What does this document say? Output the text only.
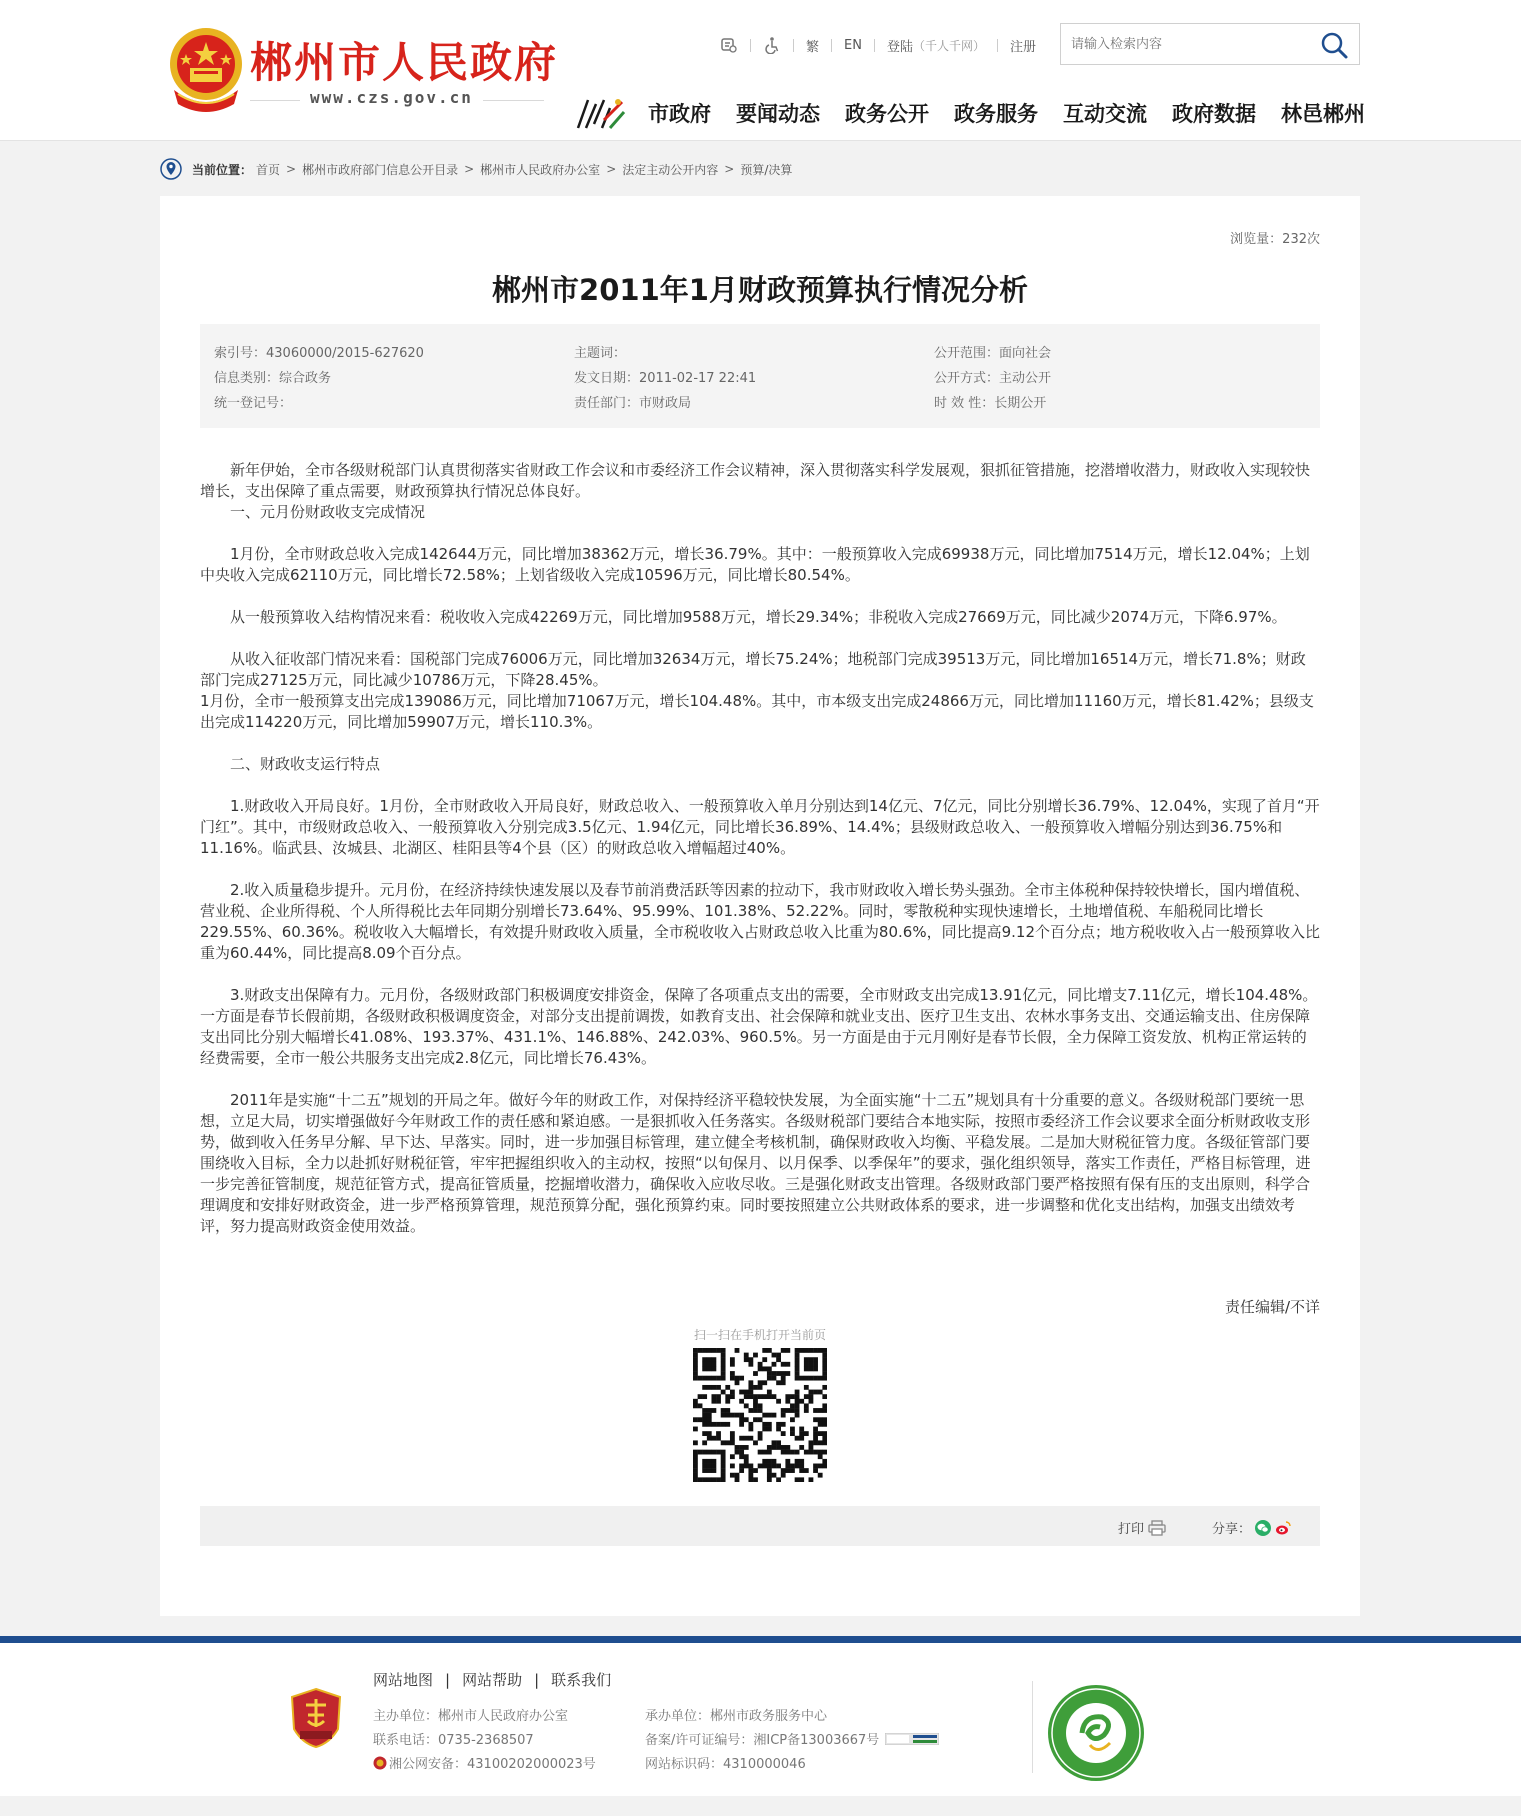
郴州市人民政府
www.czs.gov.cn
繁 EN 登陆 （千人千网） 注册
请输入检索内容
市政府 要闻动态 政务公开 政务服务 互动交流 政府数据 林邑郴州
当前位置： 首页 > 郴州市政府部门信息公开目录 > 郴州市人民政府办公室 > 法定主动公开内容 > 预算/决算
浏览量：232次
郴州市2011年1月财政预算执行情况分析
索引号：43060000/2015-627620	主题词：	公开范围：面向社会
信息类别：综合政务	发文日期：2011-02-17 22:41	公开方式：主动公开
统一登记号：	责任部门：市财政局	时 效 性：长期公开

　　新年伊始，全市各级财税部门认真贯彻落实省财政工作会议和市委经济工作会议精神，深入贯彻落实科学发展观，狠抓征管措施，挖潜增收潜力，财政收入实现较快增长，支出保障了重点需要，财政预算执行情况总体良好。

　　一、元月份财政收支完成情况

　　1月份，全市财政总收入完成142644万元，同比增加38362万元，增长36.79%。其中：一般预算收入完成69938万元，同比增加7514万元，增长12.04%；上划中央收入完成62110万元，同比增长72.58%；上划省级收入完成10596万元，同比增长80.54%。

　　从一般预算收入结构情况来看：税收收入完成42269万元，同比增加9588万元，增长29.34%；非税收入完成27669万元，同比减少2074万元，下降6.97%。

　　从收入征收部门情况来看：国税部门完成76006万元，同比增加32634万元，增长75.24%；地税部门完成39513万元，同比增加16514万元，增长71.8%；财政部门完成27125万元，同比减少10786万元，下降28.45%。

1月份，全市一般预算支出完成139086万元，同比增加71067万元，增长104.48%。其中，市本级支出完成24866万元，同比增加11160万元，增长81.42%；县级支出完成114220万元，同比增加59907万元，增长110.3%。

　　二、财政收支运行特点

　　1.财政收入开局良好。1月份，全市财政收入开局良好，财政总收入、一般预算收入单月分别达到14亿元、7亿元，同比分别增长36.79%、12.04%，实现了首月“开门红”。其中，市级财政总收入、一般预算收入分别完成3.5亿元、1.94亿元，同比增长36.89%、14.4%；县级财政总收入、一般预算收入增幅分别达到36.75%和11.16%。临武县、汝城县、北湖区、桂阳县等4个县（区）的财政总收入增幅超过40%。

　　2.收入质量稳步提升。元月份，在经济持续快速发展以及春节前消费活跃等因素的拉动下，我市财政收入增长势头强劲。全市主体税种保持较快增长，国内增值税、营业税、企业所得税、个人所得税比去年同期分别增长73.64%、95.99%、101.38%、52.22%。同时，零散税种实现快速增长，土地增值税、车船税同比增长229.55%、60.36%。税收收入大幅增长，有效提升财政收入质量，全市税收收入占财政总收入比重为80.6%，同比提高9.12个百分点；地方税收收入占一般预算收入比重为60.44%，同比提高8.09个百分点。

　　3.财政支出保障有力。元月份，各级财政部门积极调度安排资金，保障了各项重点支出的需要，全市财政支出完成13.91亿元，同比增支7.11亿元，增长104.48%。一方面是春节长假前期，各级财政积极调度资金，对部分支出提前调拨，如教育支出、社会保障和就业支出、医疗卫生支出、农林水事务支出、交通运输支出、住房保障支出同比分别大幅增长41.08%、193.37%、431.1%、146.88%、242.03%、960.5%。另一方面是由于元月刚好是春节长假，全力保障工资发放、机构正常运转的经费需要，全市一般公共服务支出完成2.8亿元，同比增长76.43%。

　　2011年是实施“十二五”规划的开局之年。做好今年的财政工作，对保持经济平稳较快发展，为全面实施“十二五”规划具有十分重要的意义。各级财税部门要统一思想，立足大局，切实增强做好今年财政工作的责任感和紧迫感。一是狠抓收入任务落实。各级财税部门要结合本地实际，按照市委经济工作会议要求全面分析财政收支形势，做到收入任务早分解、早下达、早落实。同时，进一步加强目标管理，建立健全考核机制，确保财政收入均衡、平稳发展。二是加大财税征管力度。各级征管部门要围绕收入目标，全力以赴抓好财税征管，牢牢把握组织收入的主动权，按照“以旬保月、以月保季、以季保年”的要求，强化组织领导，落实工作责任，严格目标管理，进一步完善征管制度，规范征管方式，提高征管质量，挖掘增收潜力，确保收入应收尽收。三是强化财政支出管理。各级财政部门要严格按照有保有压的支出原则，科学合理调度和安排好财政资金，进一步严格预算管理，规范预算分配，强化预算约束。同时要按照建立公共财政体系的要求，进一步调整和优化支出结构，加强支出绩效考评，努力提高财政资金使用效益。

责任编辑/不详
扫一扫在手机打开当前页
打印	分享：
网站地图 | 网站帮助 | 联系我们
主办单位：郴州市人民政府办公室	承办单位：郴州市政务服务中心
联系电话：0735-2368507	备案/许可证编号：湘ICP备13003667号
湘公网安备：43100202000023号	网站标识码：4310000046
